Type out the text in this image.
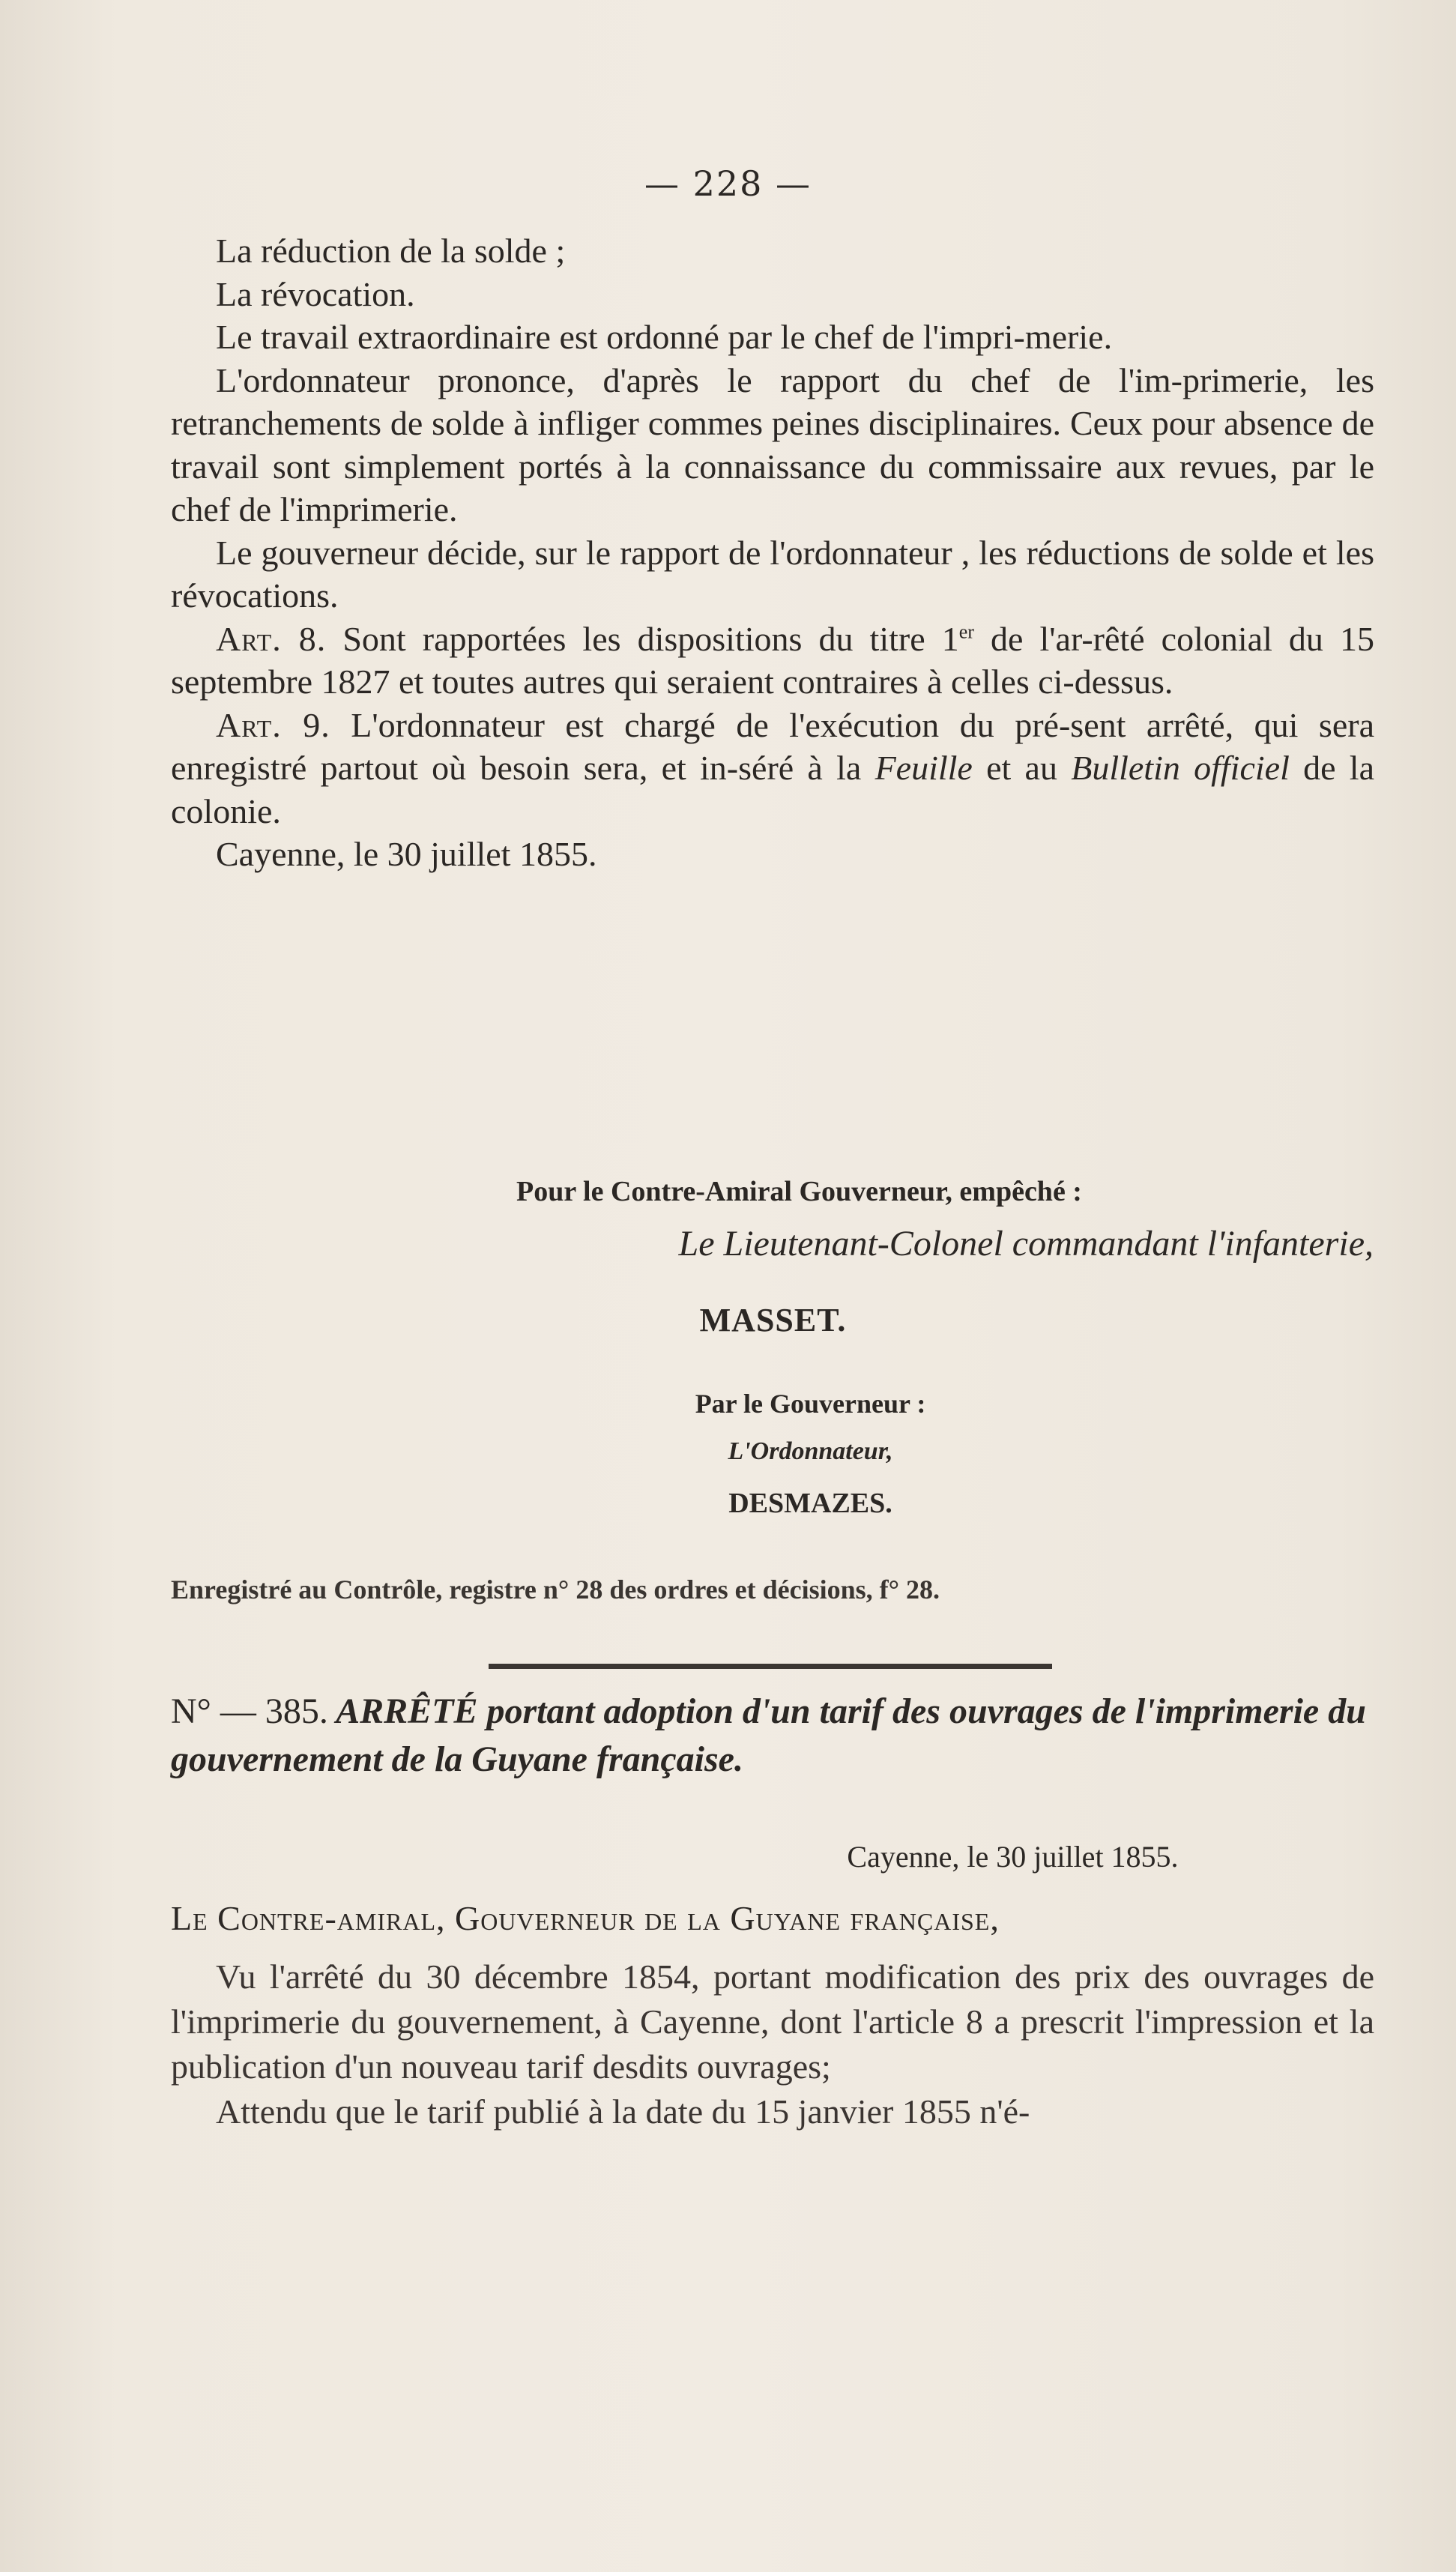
— 228 —

La réduction de la solde ;

La révocation.

Le travail extraordinaire est ordonné par le chef de l'impri-merie.

L'ordonnateur prononce, d'après le rapport du chef de l'im-primerie, les retranchements de solde à infliger commes peines disciplinaires. Ceux pour absence de travail sont simplement portés à la connaissance du commissaire aux revues, par le chef de l'imprimerie.

Le gouverneur décide, sur le rapport de l'ordonnateur , les réductions de solde et les révocations.

Art. 8. Sont rapportées les dispositions du titre 1er de l'ar-rêté colonial du 15 septembre 1827 et toutes autres qui seraient contraires à celles ci-dessus.

Art. 9. L'ordonnateur est chargé de l'exécution du pré-sent arrêté, qui sera enregistré partout où besoin sera, et in-séré à la Feuille et au Bulletin officiel de la colonie.

Cayenne, le 30 juillet 1855.

Pour le Contre-Amiral Gouverneur, empêché :
Le Lieutenant-Colonel commandant l'infanterie,
MASSET.
Par le Gouverneur :
L'Ordonnateur,
DESMAZES.
Enregistré au Contrôle, registre n° 28 des ordres et décisions, f° 28.
N° — 385. ARRÊTÉ portant adoption d'un tarif des ouvrages de l'imprimerie du gouvernement de la Guyane française.
Cayenne, le 30 juillet 1855.

Le Contre-amiral, Gouverneur de la Guyane française,

Vu l'arrêté du 30 décembre 1854, portant modification des prix des ouvrages de l'imprimerie du gouvernement, à Cayenne, dont l'article 8 a prescrit l'impression et la publication d'un nouveau tarif desdits ouvrages;

Attendu que le tarif publié à la date du 15 janvier 1855 n'é-
